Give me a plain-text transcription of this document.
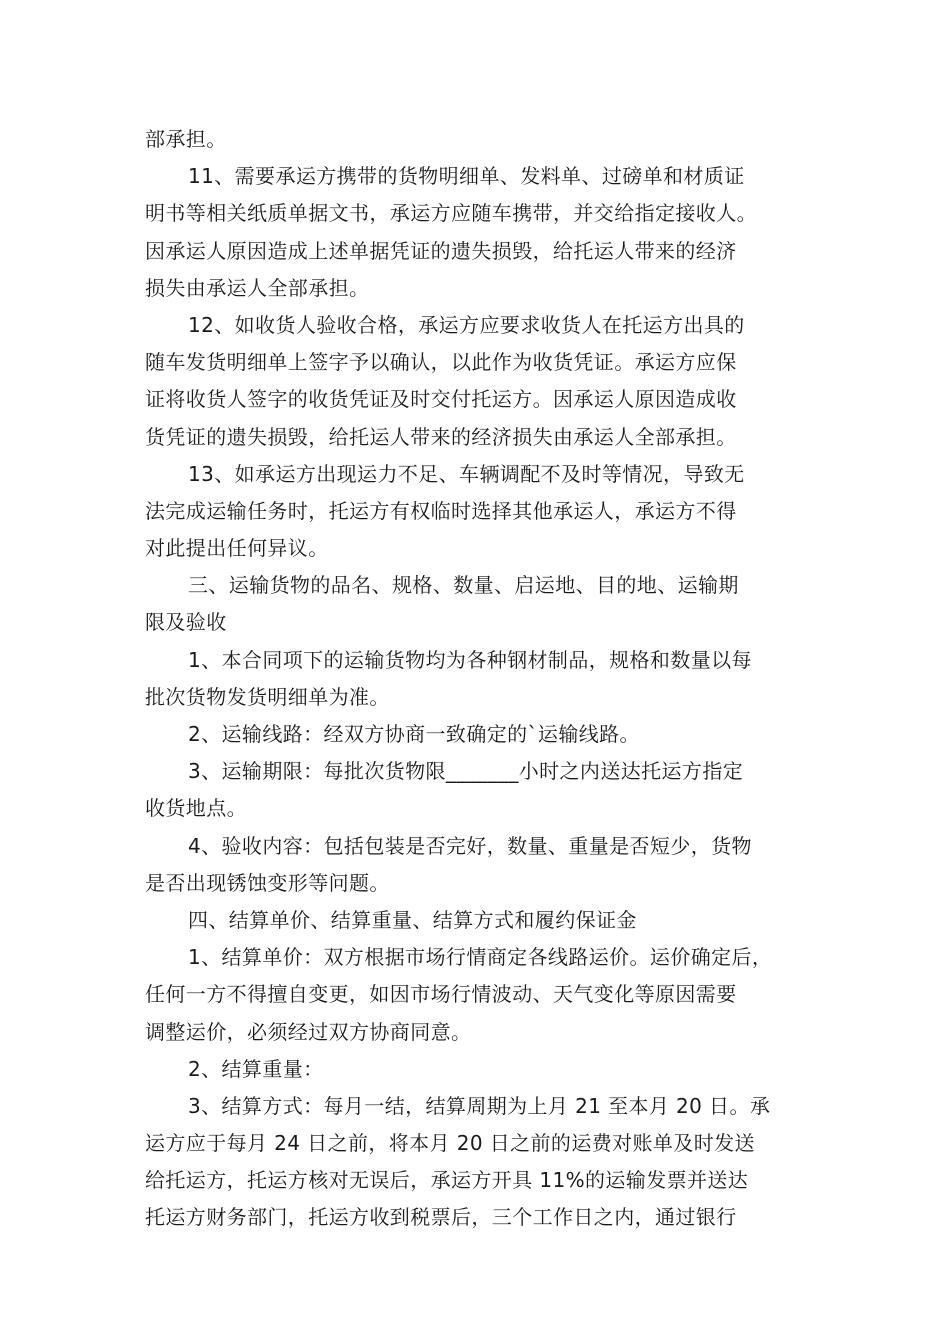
部承担。
11、需要承运方携带的货物明细单、发料单、过磅单和材质证
明书等相关纸质单据文书，承运方应随车携带，并交给指定接收人。
因承运人原因造成上述单据凭证的遗失损毁，给托运人带来的经济
损失由承运人全部承担。
12、如收货人验收合格，承运方应要求收货人在托运方出具的
随车发货明细单上签字予以确认，以此作为收货凭证。承运方应保
证将收货人签字的收货凭证及时交付托运方。因承运人原因造成收
货凭证的遗失损毁，给托运人带来的经济损失由承运人全部承担。
13、如承运方出现运力不足、车辆调配不及时等情况，导致无
法完成运输任务时，托运方有权临时选择其他承运人，承运方不得
对此提出任何异议。
三、运输货物的品名、规格、数量、启运地、目的地、运输期
限及验收
1、本合同项下的运输货物均为各种钢材制品，规格和数量以每
批次货物发货明细单为准。
2、运输线路：经双方协商一致确定的`运输线路。
3、运输期限：每批次货物限_______小时之内送达托运方指定
收货地点。
4、验收内容：包括包装是否完好，数量、重量是否短少，货物
是否出现锈蚀变形等问题。
四、结算单价、结算重量、结算方式和履约保证金
1、结算单价：双方根据市场行情商定各线路运价。运价确定后，
任何一方不得擅自变更，如因市场行情波动、天气变化等原因需要
调整运价，必须经过双方协商同意。
2、结算重量：
3、结算方式：每月一结，结算周期为上月 21 至本月 20 日。承
运方应于每月 24 日之前，将本月 20 日之前的运费对账单及时发送
给托运方，托运方核对无误后，承运方开具 11%的运输发票并送达
托运方财务部门，托运方收到税票后，三个工作日之内，通过银行
